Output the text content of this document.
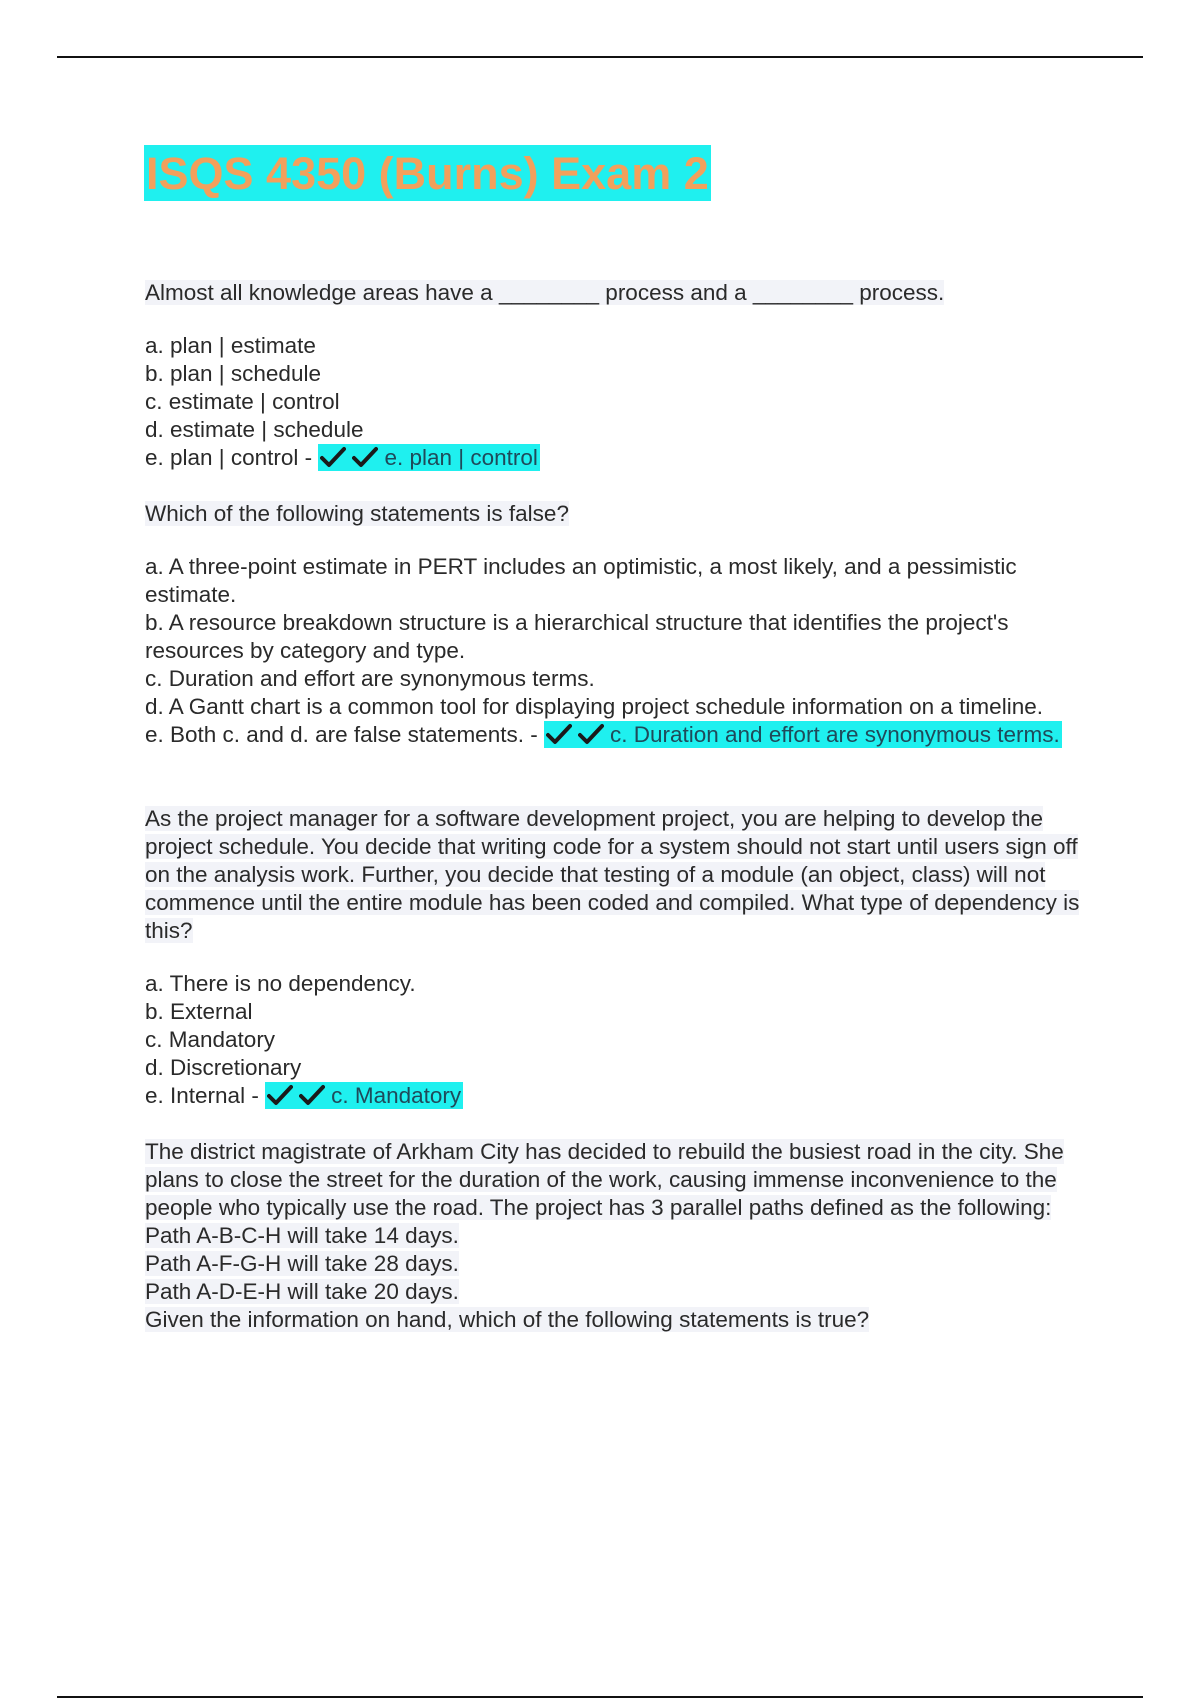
ISQS 4350 (Burns) Exam 2
Almost all knowledge areas have a ________ process and a ________ process.
a. plan | estimate
b. plan | schedule
c. estimate | control
d. estimate | schedule
e. plan | control -	e. plan | control
Which of the following statements is false?
a. A three-point estimate in PERT includes an optimistic, a most likely, and a pessimistic estimate.
b. A resource breakdown structure is a hierarchical structure that identifies the project's resources by category and type.
c. Duration and effort are synonymous terms.
d. A Gantt chart is a common tool for displaying project schedule information on a timeline.
e. Both c. and d. are false statements. -	c. Duration and effort are synonymous terms.
As the project manager for a software development project, you are helping to develop the project schedule. You decide that writing code for a system should not start until users sign off on the analysis work. Further, you decide that testing of a module (an object, class) will not commence until the entire module has been coded and compiled. What type of dependency is this?
a. There is no dependency.
b. External
c. Mandatory
d. Discretionary
e. Internal -	c. Mandatory
The district magistrate of Arkham City has decided to rebuild the busiest road in the city. She plans to close the street for the duration of the work, causing immense inconvenience to the people who typically use the road. The project has 3 parallel paths defined as the following:
Path A-B-C-H will take 14 days.
Path A-F-G-H will take 28 days.
Path A-D-E-H will take 20 days.
Given the information on hand, which of the following statements is true?
